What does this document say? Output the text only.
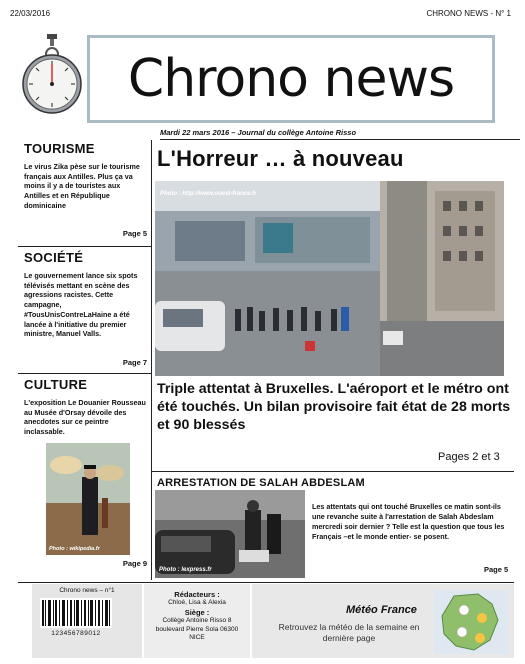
22/03/2016	CHRONO NEWS - N° 1
Chrono news
Mardi 22 mars 2016 – Journal du collège Antoine Risso
TOURISME

Le virus Zika pèse sur le tourisme français aux Antilles. Plus ça va moins il y a de touristes aux Antilles et en République dominicaine

Page 5
SOCIÉTÉ

Le gouvernement lance six spots télévisés mettant en scène des agressions racistes. Cette campagne, #TousUnisContreLaHaine a été lancée à l'initiative du premier ministre, Manuel Valls.

Page 7
CULTURE

L'exposition Le Douanier Rousseau au Musée d'Orsay dévoile des anecdotes sur ce peintre inclassable.

Photo : wikipedia.fr
Page 9
L'Horreur … à nouveau
Photo : http://www.ouest-france.fr
Triple attentat à Bruxelles. L'aéroport et le métro ont été touchés. Un bilan provisoire fait état de 28 morts et 90 blessés
Pages 2 et 3
ARRESTATION DE SALAH ABDESLAM
Photo : lexpress.fr
Les attentats qui ont touché Bruxelles ce matin sont-ils une revanche suite à l'arrestation de Salah Abdeslam mercredi soir dernier ? Telle est la question que tous les Français –et le monde entier- se posent.
Page 5
Chrono news – n°1
123456789012
Rédacteurs :
Chloé, Lisa & Alexia
Siège :
Collège Antoine Risso 8 boulevard Pierre Sola 06300 NICE
Météo France
Retrouvez la météo de la semaine en dernière page
